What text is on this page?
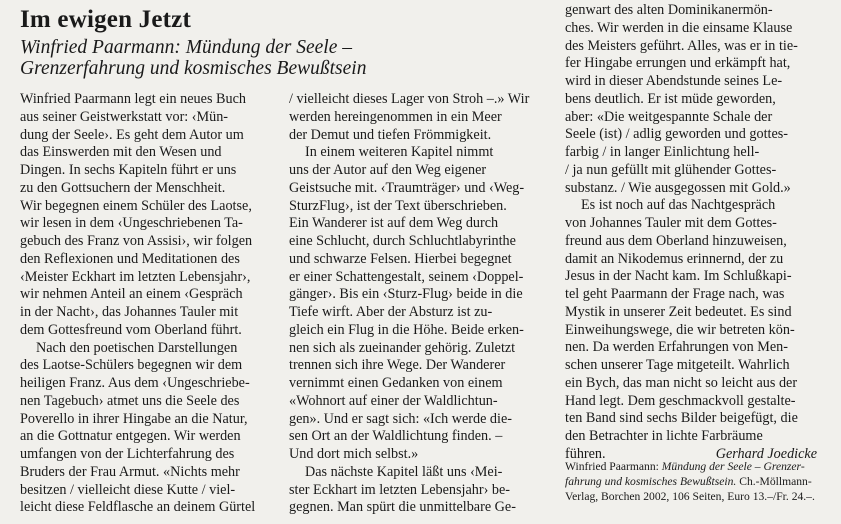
Im ewigen Jetzt
Winfried Paarmann: Mündung der Seele –
Grenzerfahrung und kosmisches Bewußtsein

Winfried Paarmann legt ein neues Buch
aus seiner Geistwerkstatt vor: ‹Mün-
dung der Seele›. Es geht dem Autor um
das Einswerden mit den Wesen und
Dingen. In sechs Kapiteln führt er uns
zu den Gottsuchern der Menschheit.
Wir begegnen einem Schüler des Laotse,
wir lesen in dem ‹Ungeschriebenen Ta-
gebuch des Franz von Assisi›, wir folgen
den Reflexionen und Meditationen des
‹Meister Eckhart im letzten Lebensjahr›,
wir nehmen Anteil an einem ‹Gespräch
in der Nacht›, das Johannes Tauler mit
dem Gottesfreund vom Oberland führt.

Nach den poetischen Darstellungen
des Laotse-Schülers begegnen wir dem
heiligen Franz. Aus dem ‹Ungeschriebe-
nen Tagebuch› atmet uns die Seele des
Poverello in ihrer Hingabe an die Natur,
an die Gottnatur entgegen. Wir werden
umfangen von der Lichterfahrung des
Bruders der Frau Armut. «Nichts mehr
besitzen / vielleicht diese Kutte / viel-
leicht diese Feldflasche an deinem Gürtel

/ vielleicht dieses Lager von Stroh –.» Wir
werden hereingenommen in ein Meer
der Demut und tiefen Frömmigkeit.

In einem weiteren Kapitel nimmt
uns der Autor auf den Weg eigener
Geistsuche mit. ‹Traumträger› und ‹Weg-
SturzFlug›, ist der Text überschrieben.
Ein Wanderer ist auf dem Weg durch
eine Schlucht, durch Schluchtlabyrinthe
und schwarze Felsen. Hierbei begegnet
er einer Schattengestalt, seinem ‹Doppel-
gänger›. Bis ein ‹Sturz-Flug› beide in die
Tiefe wirft. Aber der Absturz ist zu-
gleich ein Flug in die Höhe. Beide erken-
nen sich als zueinander gehörig. Zuletzt
trennen sich ihre Wege. Der Wanderer
vernimmt einen Gedanken von einem
«Wohnort auf einer der Waldlichtun-
gen». Und er sagt sich: «Ich werde die-
sen Ort an der Waldlichtung finden. –
Und dort mich selbst.»

Das nächste Kapitel läßt uns ‹Mei-
ster Eckhart im letzten Lebensjahr› be-
gegnen. Man spürt die unmittelbare Ge-

genwart des alten Dominikanermön-
ches. Wir werden in die einsame Klause
des Meisters geführt. Alles, was er in tie-
fer Hingabe errungen und erkämpft hat,
wird in dieser Abendstunde seines Le-
bens deutlich. Er ist müde geworden,
aber: «Die weitgespannte Schale der
Seele (ist) / adlig geworden und gottes-
farbig / in langer Einlichtung hell-
/ ja nun gefüllt mit glühender Gottes-
substanz. / Wie ausgegossen mit Gold.»

Es ist noch auf das Nachtgespräch
von Johannes Tauler mit dem Gottes-
freund aus dem Oberland hinzuweisen,
damit an Nikodemus erinnernd, der zu
Jesus in der Nacht kam. Im Schlußkapi-
tel geht Paarmann der Frage nach, was
Mystik in unserer Zeit bedeutet. Es sind
Einweihungswege, die wir betreten kön-
nen. Da werden Erfahrungen von Men-
schen unserer Tage mitgeteilt. Wahrlich
ein Bych, das man nicht so leicht aus der
Hand legt. Dem geschmackvoll gestalte-
ten Band sind sechs Bilder beigefügt, die
den Betrachter in lichte Farbräume
führen.	Gerhard Joedicke

Winfried Paarmann: Mündung der Seele – Grenzer-
fahrung und kosmisches Bewußtsein. Ch.-Möllmann-
Verlag, Borchen 2002, 106 Seiten, Euro 13.–/Fr. 24.–.
